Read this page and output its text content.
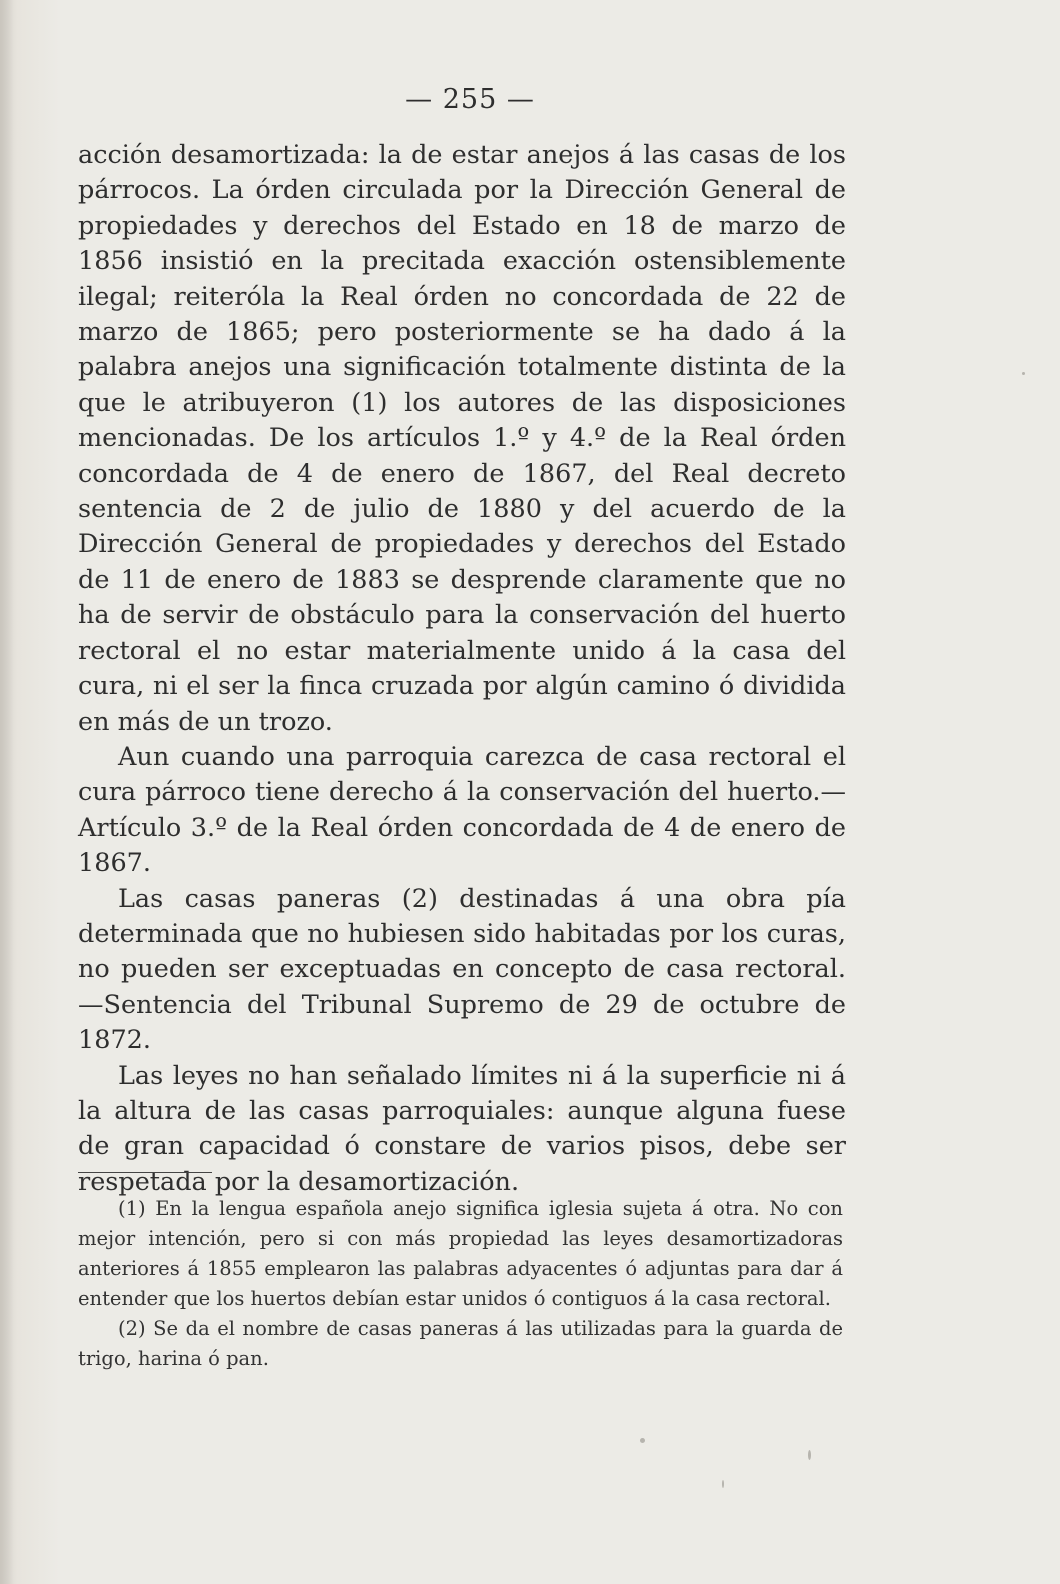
— 255 —

acción desamortizada: la de estar anejos á las casas de los párrocos. La órden circulada por la Dirección General de propiedades y derechos del Estado en 18 de marzo de 1856 insistió en la precitada exacción ostensiblemente ilegal; reiteróla la Real órden no concordada de 22 de marzo de 1865; pero posteriormente se ha dado á la palabra anejos una significación totalmente distinta de la que le atribuyeron (1) los autores de las disposiciones mencionadas. De los artículos 1.º y 4.º de la Real órden concordada de 4 de enero de 1867, del Real decreto sentencia de 2 de julio de 1880 y del acuerdo de la Dirección General de propiedades y derechos del Estado de 11 de enero de 1883 se desprende claramente que no ha de servir de obstáculo para la conservación del huerto rectoral el no estar materialmente unido á la casa del cura, ni el ser la finca cruzada por algún camino ó dividida en más de un trozo.

Aun cuando una parroquia carezca de casa rectoral el cura párroco tiene derecho á la conservación del huerto.— Artículo 3.º de la Real órden concordada de 4 de enero de 1867.

Las casas paneras (2) destinadas á una obra pía determinada que no hubiesen sido habitadas por los curas, no pueden ser exceptuadas en concepto de casa rectoral.—Sentencia del Tribunal Supremo de 29 de octubre de 1872.

Las leyes no han señalado límites ni á la superficie ni á la altura de las casas parroquiales: aunque alguna fuese de gran capacidad ó constare de varios pisos, debe ser respetada por la desamortización.

(1) En la lengua española anejo significa iglesia sujeta á otra. No con mejor intención, pero si con más propiedad las leyes desamortizadoras anteriores á 1855 emplearon las palabras adyacentes ó adjuntas para dar á entender que los huertos debían estar unidos ó contiguos á la casa rectoral.

(2) Se da el nombre de casas paneras á las utilizadas para la guarda de trigo, harina ó pan.
